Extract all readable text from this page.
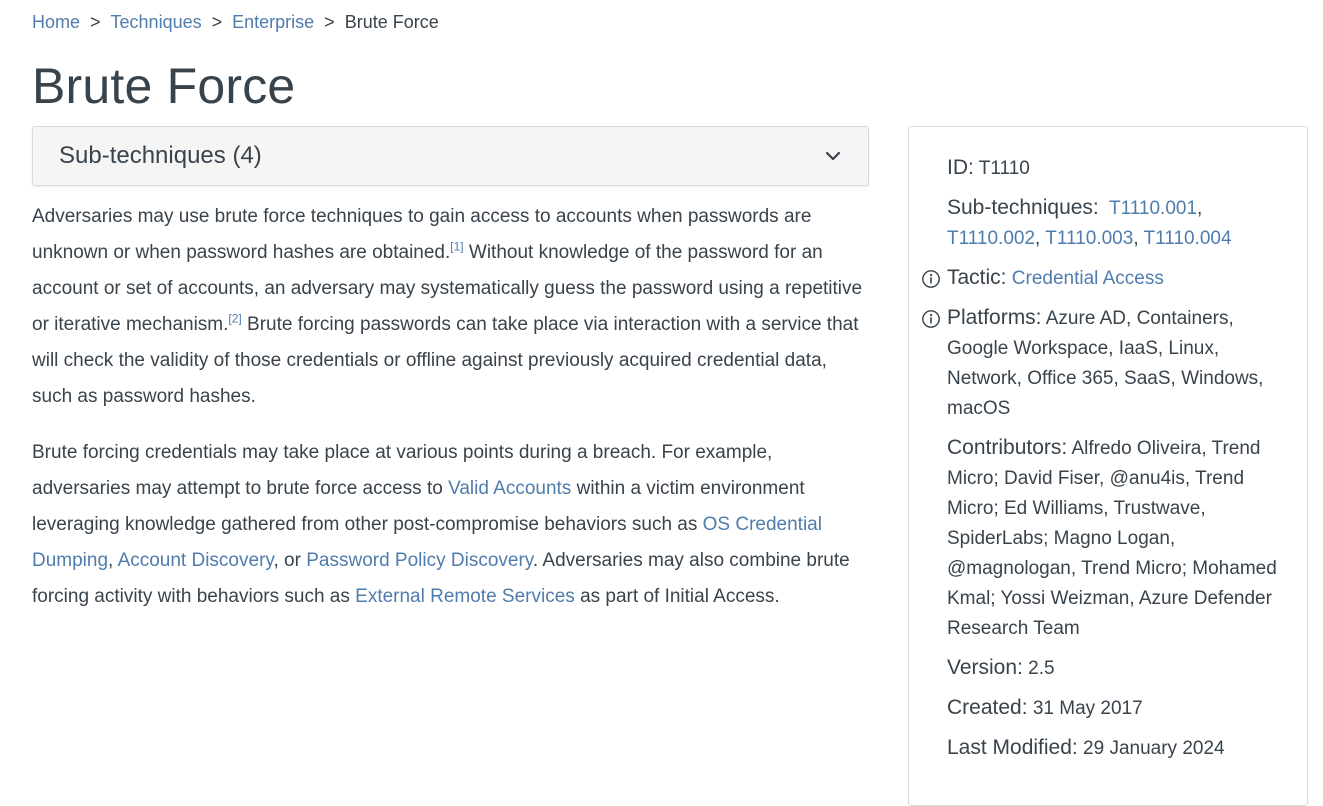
Home > Techniques > Enterprise > Brute Force
Brute Force
Sub-techniques (4)

Adversaries may use brute force techniques to gain access to accounts when passwords are unknown or when password hashes are obtained.[1] Without knowledge of the password for an account or set of accounts, an adversary may systematically guess the password using a repetitive or iterative mechanism.[2] Brute forcing passwords can take place via interaction with a service that will check the validity of those credentials or offline against previously acquired credential data, such as password hashes.

Brute forcing credentials may take place at various points during a breach. For example, adversaries may attempt to brute force access to Valid Accounts within a victim environment leveraging knowledge gathered from other post-compromise behaviors such as OS Credential Dumping, Account Discovery, or Password Policy Discovery. Adversaries may also combine brute forcing activity with behaviors such as External Remote Services as part of Initial Access.

ID: T1110
Sub-techniques: T1110.001, T1110.002, T1110.003, T1110.004
Tactic: Credential Access
Platforms: Azure AD, Containers, Google Workspace, IaaS, Linux, Network, Office 365, SaaS, Windows, macOS
Contributors: Alfredo Oliveira, Trend Micro; David Fiser, @anu4is, Trend Micro; Ed Williams, Trustwave, SpiderLabs; Magno Logan, @magnologan, Trend Micro; Mohamed Kmal; Yossi Weizman, Azure Defender Research Team
Version: 2.5
Created: 31 May 2017
Last Modified: 29 January 2024
